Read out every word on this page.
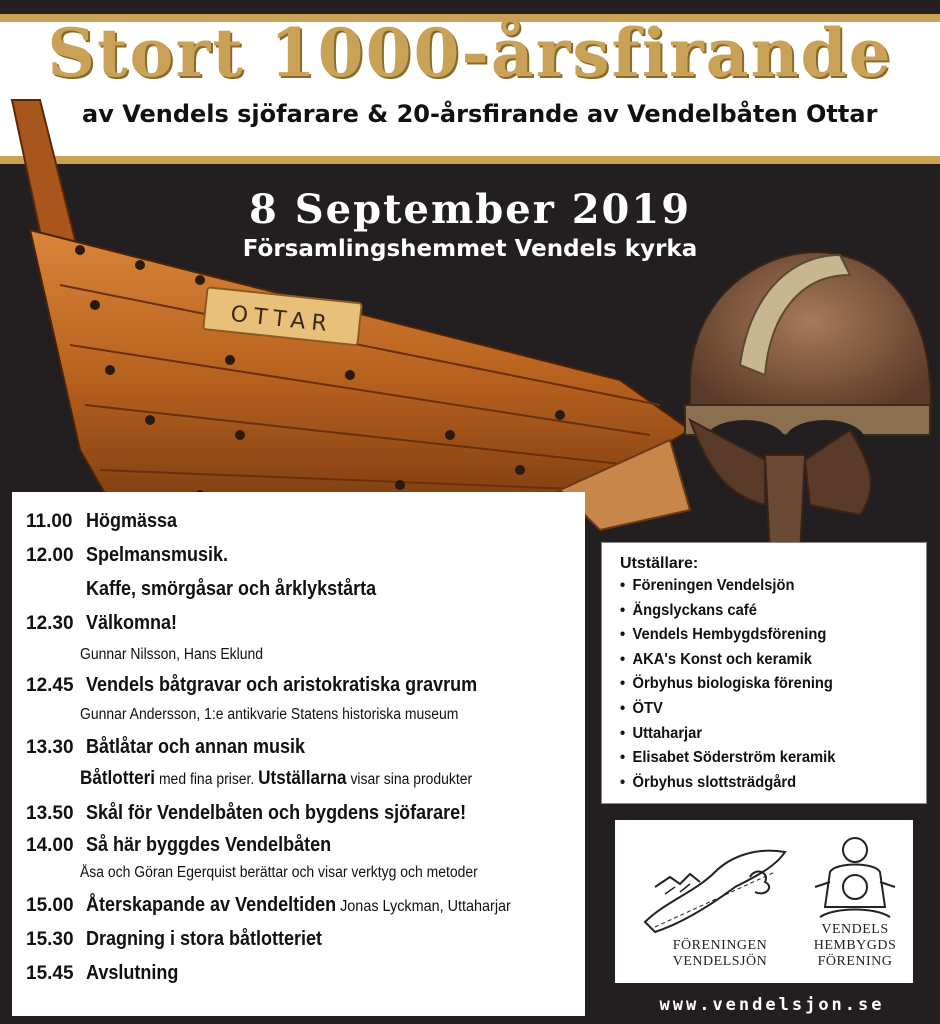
Stort 1000-årsfirande

av Vendels sjöfarare & 20-årsfirande av Vendelbåten Ottar

OTTAR

8 September 2019

Församlingshemmet Vendels kyrka

11.00 Högmässa
12.00 Spelmansmusik.
Kaffe, smörgåsar och årklykstårta
12.30 Välkomna!
Gunnar Nilsson, Hans Eklund
12.45 Vendels båtgravar och aristokratiska gravrum
Gunnar Andersson, 1:e antikvarie Statens historiska museum
13.30 Båtlåtar och annan musik
Båtlotteri med fina priser. Utställarna visar sina produkter
13.50 Skål för Vendelbåten och bygdens sjöfarare!
14.00 Så här byggdes Vendelbåten
Åsa och Göran Egerquist berättar och visar verktyg och metoder
15.00 Återskapande av Vendeltiden Jonas Lyckman, Uttaharjar
15.30 Dragning i stora båtlotteriet
15.45 Avslutning

Utställare:

• Föreningen Vendelsjön
• Ängslyckans café
• Vendels Hembygdsförening
• AKA's Konst och keramik
• Örbyhus biologiska förening
• ÖTV
• Uttaharjar
• Elisabet Söderström keramik
• Örbyhus slottsträdgård
FÖRENINGEN
VENDELSJÖN
VENDELS
HEMBYGDS
FÖRENING

www.vendelsjon.se
